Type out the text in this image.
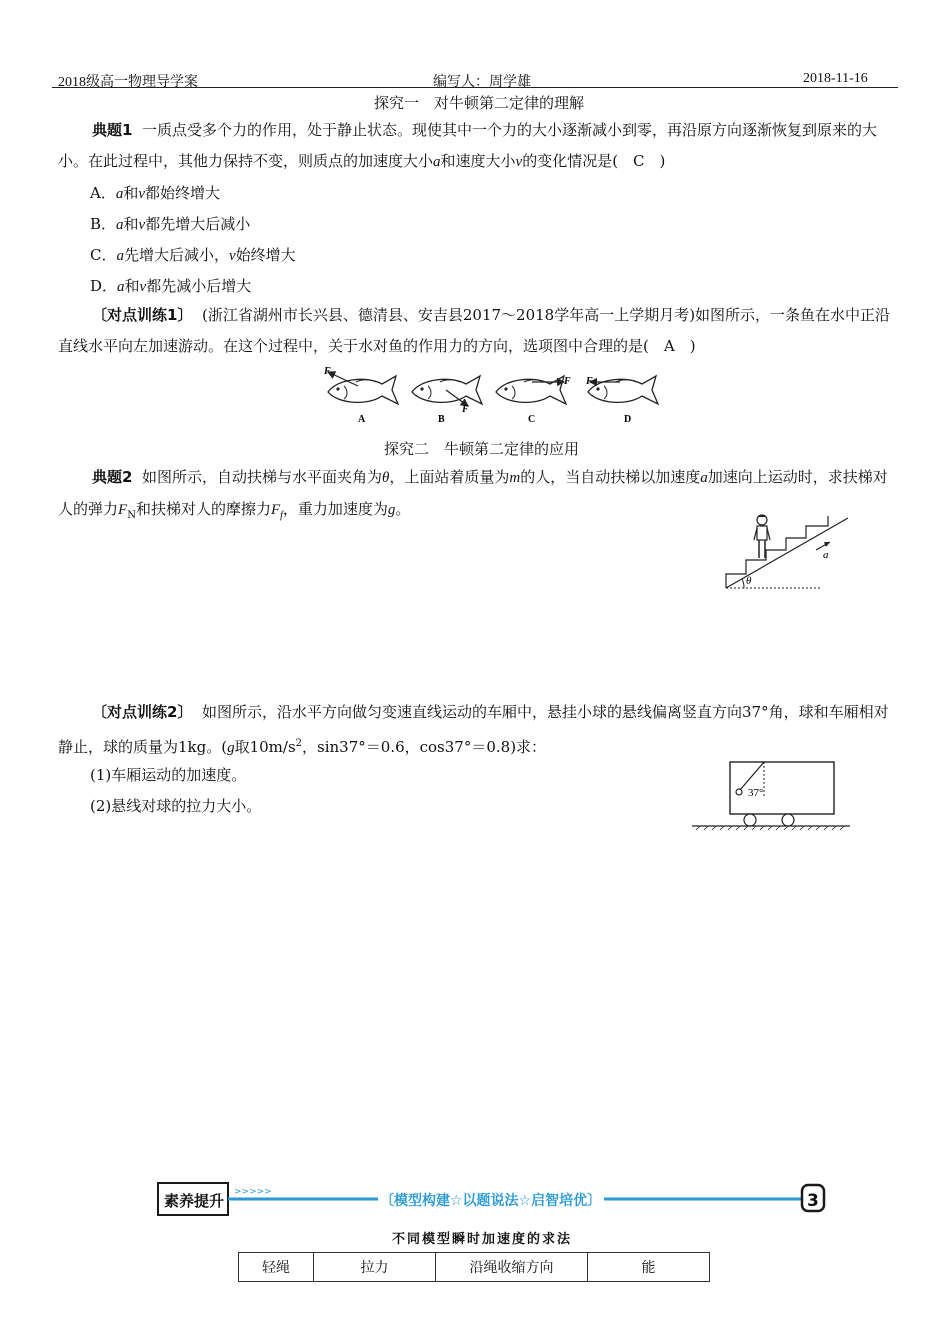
2018级高一物理导学案	编写人：周学雄	2018-11-16
探究一　对牛顿第二定律的理解
典题1 一质点受多个力的作用，处于静止状态。现使其中一个力的大小逐渐减小到零，再沿原方向逐渐恢复到原来的大小。在此过程中，其他力保持不变，则质点的加速度大小a和速度大小v的变化情况是(　C　)
A．a和v都始终增大
B．a和v都先增大后减小
C．a先增大后减小，v始终增大
D．a和v都先减小后增大
〔对点训练1〕 (浙江省湖州市长兴县、德清县、安吉县2017～2018学年高一上学期月考)如图所示，一条鱼在水中正沿直线水平向左加速游动。在这个过程中，关于水对鱼的作用力的方向，选项图中合理的是(　A　)
F
F
F F
A	B	C	D
探究二　牛顿第二定律的应用
典题2 如图所示，自动扶梯与水平面夹角为θ，上面站着质量为m的人，当自动扶梯以加速度a加速向上运动时，求扶梯对人的弹力$F_N$和扶梯对人的摩擦力$F_f$，重力加速度为g。
a
θ
〔对点训练2〕 如图所示，沿水平方向做匀变速直线运动的车厢中，悬挂小球的悬线偏离竖直方向37°角，球和车厢相对静止，球的质量为1kg。(g取$10m/s^2$，sin37°＝0.6，cos37°＝0.8)求：
(1)车厢运动的加速度。
(2)悬线对球的拉力大小。
37°
素养提升 >>>>>
〔模型构建☆以题说法☆启智培优〕	3
不同模型瞬时加速度的求法
轻绳	拉力	沿绳收缩方向	能
